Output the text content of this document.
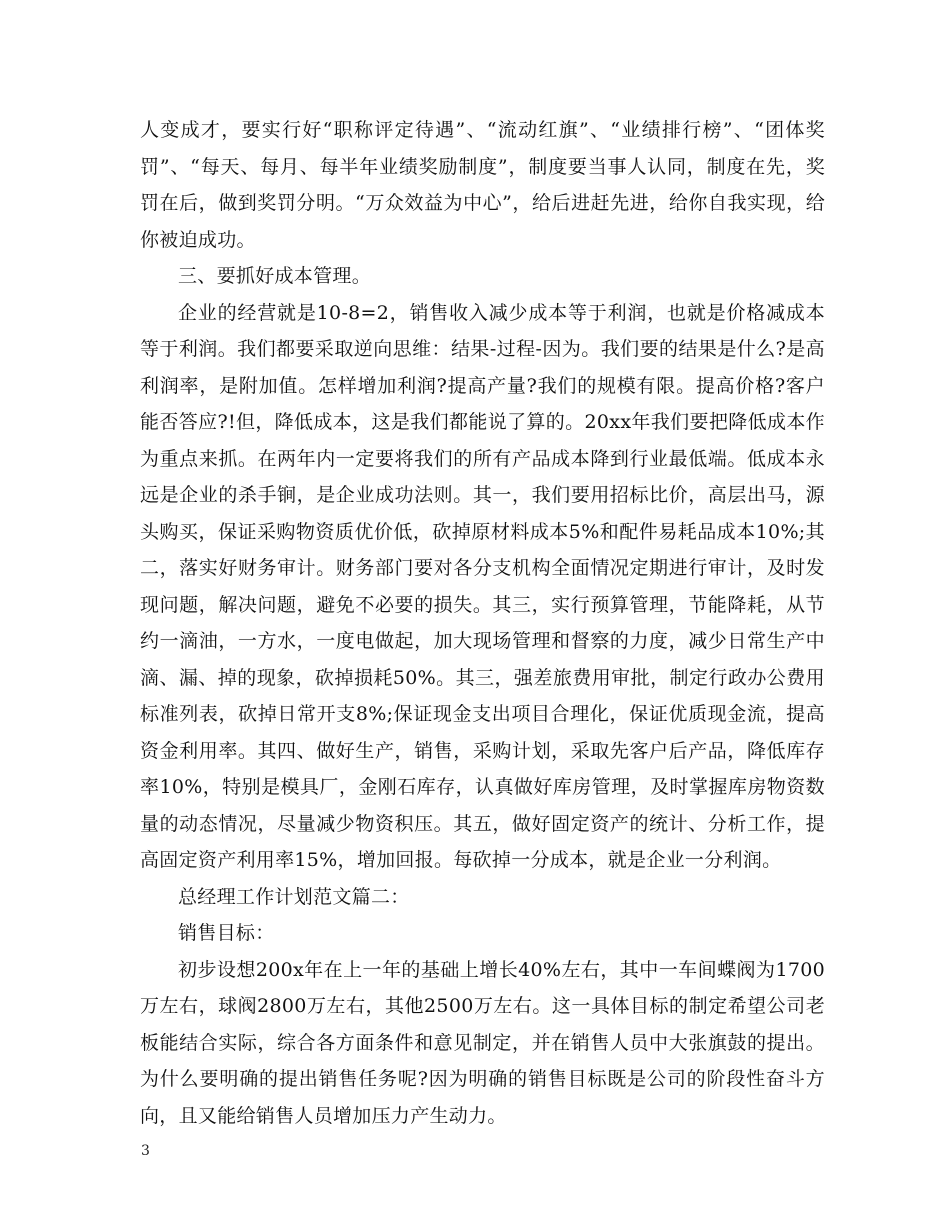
人变成才，要实行好“职称评定待遇”、“流动红旗”、“业绩排行榜”、“团体奖罚”、“每天、每月、每半年业绩奖励制度”，制度要当事人认同，制度在先，奖罚在后，做到奖罚分明。“万众效益为中心”，给后进赶先进，给你自我实现，给你被迫成功。

三、要抓好成本管理。

企业的经营就是10-8=2，销售收入减少成本等于利润，也就是价格减成本等于利润。我们都要采取逆向思维：结果-过程-因为。我们要的结果是什么?是高利润率，是附加值。怎样增加利润?提高产量?我们的规模有限。提高价格?客户能否答应?!但，降低成本，这是我们都能说了算的。20xx年我们要把降低成本作为重点来抓。在两年内一定要将我们的所有产品成本降到行业最低端。低成本永远是企业的杀手锏，是企业成功法则。其一，我们要用招标比价，高层出马，源头购买，保证采购物资质优价低，砍掉原材料成本5%和配件易耗品成本10%;其二，落实好财务审计。财务部门要对各分支机构全面情况定期进行审计，及时发现问题，解决问题，避免不必要的损失。其三，实行预算管理，节能降耗，从节约一滴油，一方水，一度电做起，加大现场管理和督察的力度，减少日常生产中滴、漏、掉的现象，砍掉损耗50%。其三，强差旅费用审批，制定行政办公费用标准列表，砍掉日常开支8%;保证现金支出项目合理化，保证优质现金流，提高资金利用率。其四、做好生产，销售，采购计划，采取先客户后产品，降低库存率10%，特别是模具厂，金刚石库存，认真做好库房管理，及时掌握库房物资数量的动态情况，尽量减少物资积压。其五，做好固定资产的统计、分析工作，提高固定资产利用率15%，增加回报。每砍掉一分成本，就是企业一分利润。

总经理工作计划范文篇二：

销售目标：

初步设想200x年在上一年的基础上增长40%左右，其中一车间蝶阀为1700万左右，球阀2800万左右，其他2500万左右。这一具体目标的制定希望公司老板能结合实际，综合各方面条件和意见制定，并在销售人员中大张旗鼓的提出。为什么要明确的提出销售任务呢?因为明确的销售目标既是公司的阶段性奋斗方向，且又能给销售人员增加压力产生动力。

3
